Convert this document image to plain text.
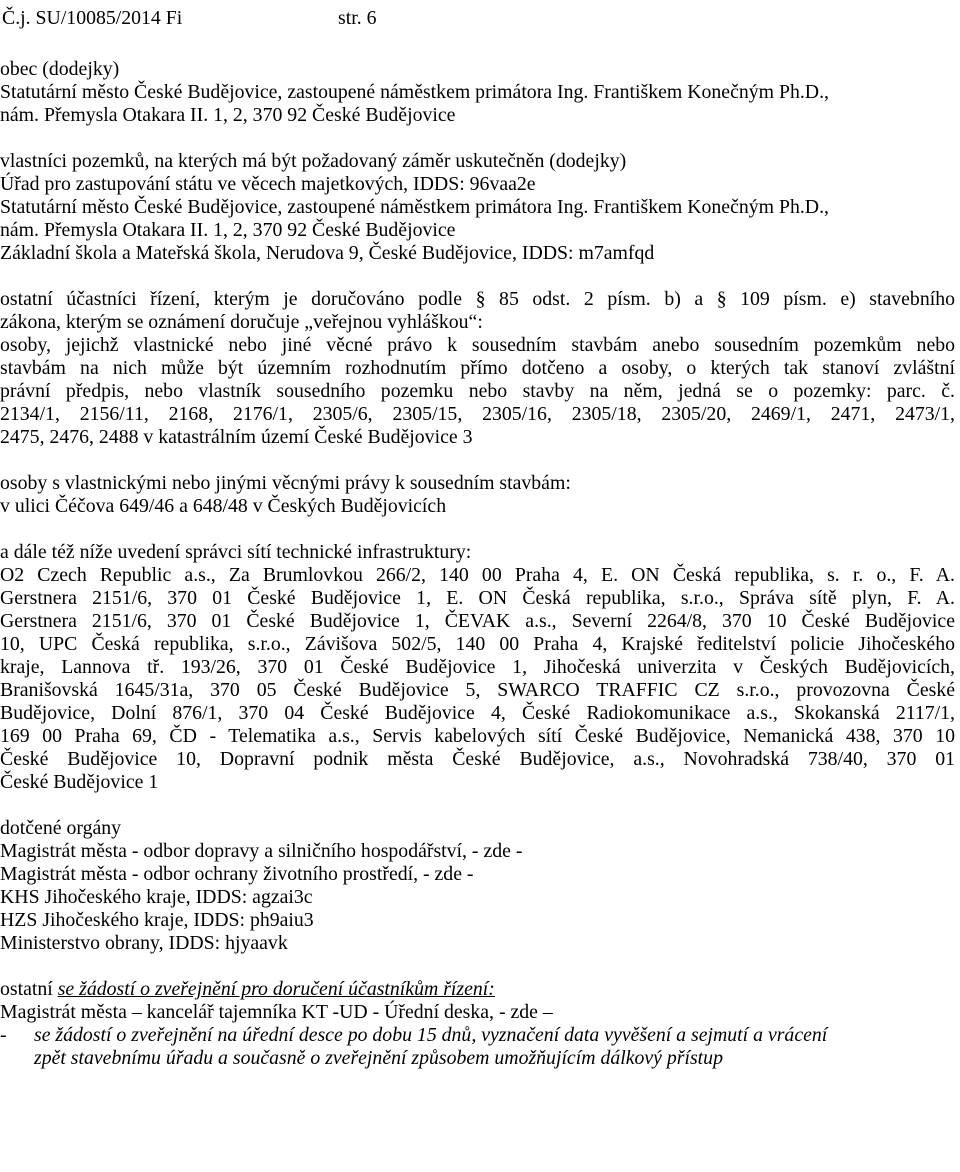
Č.j. SU/10085/2014 Fi	str. 6
obec (dodejky)
Statutární město České Budějovice, zastoupené náměstkem primátora Ing. Františkem Konečným Ph.D.,
nám. Přemysla Otakara II. 1, 2, 370 92 České Budějovice
vlastníci pozemků, na kterých má být požadovaný záměr uskutečněn (dodejky)
Úřad pro zastupování státu ve věcech majetkových, IDDS: 96vaa2e
Statutární město České Budějovice, zastoupené náměstkem primátora Ing. Františkem Konečným Ph.D.,
nám. Přemysla Otakara II. 1, 2, 370 92 České Budějovice
Základní škola a Mateřská škola, Nerudova 9, České Budějovice, IDDS: m7amfqd
ostatní účastníci řízení, kterým je doručováno podle § 85 odst. 2 písm. b) a § 109 písm. e) stavebního
zákona, kterým se oznámení doručuje „veřejnou vyhláškou“:
osoby, jejichž vlastnické nebo jiné věcné právo k sousedním stavbám anebo sousedním pozemkům nebo
stavbám na nich může být územním rozhodnutím přímo dotčeno a osoby, o kterých tak stanoví zvláštní
právní předpis, nebo vlastník sousedního pozemku nebo stavby na něm, jedná se o pozemky: parc. č.
2134/1, 2156/11, 2168, 2176/1, 2305/6, 2305/15, 2305/16, 2305/18, 2305/20, 2469/1, 2471, 2473/1,
2475, 2476, 2488 v katastrálním území České Budějovice 3
osoby s vlastnickými nebo jinými věcnými právy k sousedním stavbám:
v ulici Čéčova 649/46 a 648/48 v Českých Budějovicích
a dále též níže uvedení správci sítí technické infrastruktury:
O2 Czech Republic a.s., Za Brumlovkou 266/2, 140 00 Praha 4, E. ON Česká republika, s. r. o., F. A.
Gerstnera 2151/6, 370 01 České Budějovice 1, E. ON Česká republika, s.r.o., Správa sítě plyn, F. A.
Gerstnera 2151/6, 370 01 České Budějovice 1, ČEVAK a.s., Severní 2264/8, 370 10 České Budějovice
10, UPC Česká republika, s.r.o., Závišova 502/5, 140 00 Praha 4, Krajské ředitelství policie Jihočeského
kraje, Lannova tř. 193/26, 370 01 České Budějovice 1, Jihočeská univerzita v Českých Budějovicích,
Branišovská 1645/31a, 370 05 České Budějovice 5, SWARCO TRAFFIC CZ s.r.o., provozovna České
Budějovice, Dolní 876/1, 370 04 České Budějovice 4, České Radiokomunikace a.s., Skokanská 2117/1,
169 00 Praha 69, ČD - Telematika a.s., Servis kabelových sítí České Budějovice, Nemanická 438, 370 10
České Budějovice 10, Dopravní podnik města České Budějovice, a.s., Novohradská 738/40, 370 01
České Budějovice 1
dotčené orgány
Magistrát města - odbor dopravy a silničního hospodářství, - zde -
Magistrát města - odbor ochrany životního prostředí, - zde -
KHS Jihočeského kraje, IDDS: agzai3c
HZS Jihočeského kraje, IDDS: ph9aiu3
Ministerstvo obrany, IDDS: hjyaavk
ostatní se žádostí o zveřejnění pro doručení účastníkům řízení:
Magistrát města – kancelář tajemníka KT -UD - Úřední deska, - zde –
- se žádostí o zveřejnění na úřední desce po dobu 15 dnů, vyznačení data vyvěšení a sejmutí a vrácení
zpět stavebnímu úřadu a současně o zveřejnění způsobem umožňujícím dálkový přístup
